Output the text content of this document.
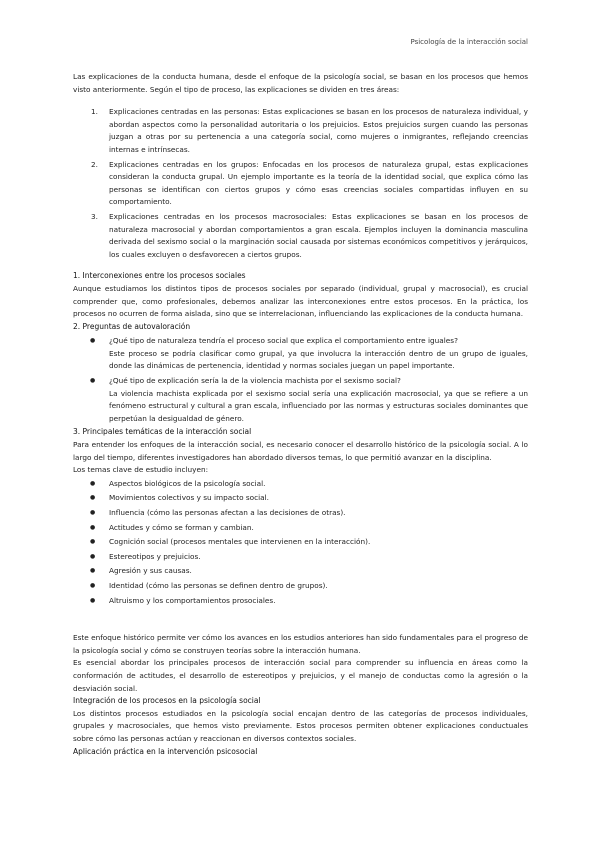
Psicología de la interacción social

Las explicaciones de la conducta humana, desde el enfoque de la psicología social, se basan en los procesos que hemos visto anteriormente. Según el tipo de proceso, las explicaciones se dividen en tres áreas:

1. Explicaciones centradas en las personas: Estas explicaciones se basan en los procesos de naturaleza individual, y abordan aspectos como la personalidad autoritaria o los prejuicios. Estos prejuicios surgen cuando las personas juzgan a otras por su pertenencia a una categoría social, como mujeres o inmigrantes, reflejando creencias internas e intrínsecas.
2. Explicaciones centradas en los grupos: Enfocadas en los procesos de naturaleza grupal, estas explicaciones consideran la conducta grupal. Un ejemplo importante es la teoría de la identidad social, que explica cómo las personas se identifican con ciertos grupos y cómo esas creencias sociales compartidas influyen en su comportamiento.
3. Explicaciones centradas en los procesos macrosociales: Estas explicaciones se basan en los procesos de naturaleza macrosocial y abordan comportamientos a gran escala. Ejemplos incluyen la dominancia masculina derivada del sexismo social o la marginación social causada por sistemas económicos competitivos y jerárquicos, los cuales excluyen o desfavorecen a ciertos grupos.

1. Interconexiones entre los procesos sociales

Aunque estudiamos los distintos tipos de procesos sociales por separado (individual, grupal y macrosocial), es crucial comprender que, como profesionales, debemos analizar las interconexiones entre estos procesos. En la práctica, los procesos no ocurren de forma aislada, sino que se interrelacionan, influenciando las explicaciones de la conducta humana.

2. Preguntas de autovaloración

● ¿Qué tipo de naturaleza tendría el proceso social que explica el comportamiento entre iguales?

Este proceso se podría clasificar como grupal, ya que involucra la interacción dentro de un grupo de iguales, donde las dinámicas de pertenencia, identidad y normas sociales juegan un papel importante.

● ¿Qué tipo de explicación sería la de la violencia machista por el sexismo social?

La violencia machista explicada por el sexismo social sería una explicación macrosocial, ya que se refiere a un fenómeno estructural y cultural a gran escala, influenciado por las normas y estructuras sociales dominantes que perpetúan la desigualdad de género.

3. Principales temáticas de la interacción social

Para entender los enfoques de la interacción social, es necesario conocer el desarrollo histórico de la psicología social. A lo largo del tiempo, diferentes investigadores han abordado diversos temas, lo que permitió avanzar en la disciplina.

Los temas clave de estudio incluyen:

● Aspectos biológicos de la psicología social.
● Movimientos colectivos y su impacto social.
● Influencia (cómo las personas afectan a las decisiones de otras).
● Actitudes y cómo se forman y cambian.
● Cognición social (procesos mentales que intervienen en la interacción).
● Estereotipos y prejuicios.
● Agresión y sus causas.
● Identidad (cómo las personas se definen dentro de grupos).
● Altruismo y los comportamientos prosociales.

Este enfoque histórico permite ver cómo los avances en los estudios anteriores han sido fundamentales para el progreso de la psicología social y cómo se construyen teorías sobre la interacción humana.

Es esencial abordar los principales procesos de interacción social para comprender su influencia en áreas como la conformación de actitudes, el desarrollo de estereotipos y prejuicios, y el manejo de conductas como la agresión o la desviación social.

Integración de los procesos en la psicología social

Los distintos procesos estudiados en la psicología social encajan dentro de las categorías de procesos individuales, grupales y macrosociales, que hemos visto previamente. Estos procesos permiten obtener explicaciones conductuales sobre cómo las personas actúan y reaccionan en diversos contextos sociales.

Aplicación práctica en la intervención psicosocial
